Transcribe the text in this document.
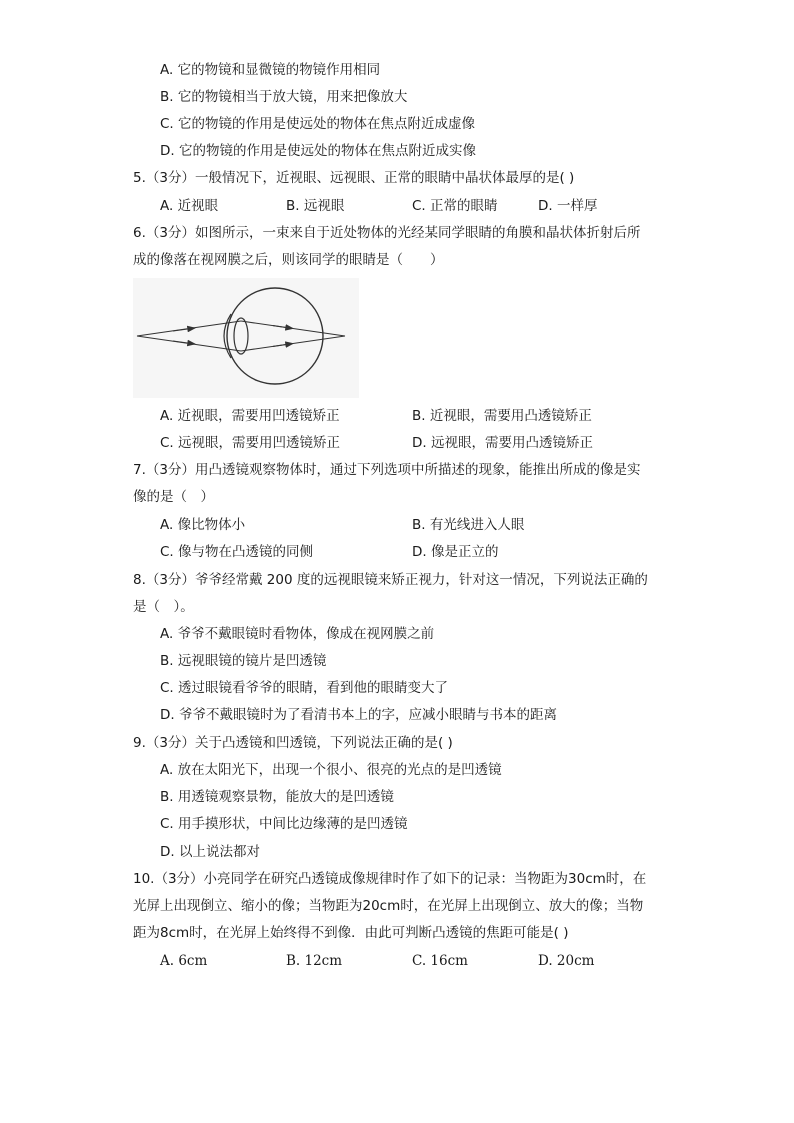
A. 它的物镜和显微镜的物镜作用相同
B. 它的物镜相当于放大镜，用来把像放大
C. 它的物镜的作用是使远处的物体在焦点附近成虚像
D. 它的物镜的作用是使远处的物体在焦点附近成实像
5.（3分）一般情况下，近视眼、远视眼、正常的眼睛中晶状体最厚的是( )
A. 近视眼	B. 远视眼	C. 正常的眼睛	D. 一样厚
6.（3分）如图所示，一束来自于近处物体的光经某同学眼睛的角膜和晶状体折射后所
成的像落在视网膜之后，则该同学的眼睛是（　　）
A. 近视眼，需要用凹透镜矫正	B. 近视眼，需要用凸透镜矫正
C. 远视眼，需要用凹透镜矫正	D. 远视眼，需要用凸透镜矫正
7.（3分）用凸透镜观察物体时，通过下列选项中所描述的现象，能推出所成的像是实
像的是（　）
A. 像比物体小	B. 有光线进入人眼
C. 像与物在凸透镜的同侧	D. 像是正立的
8.（3分）爷爷经常戴 200 度的远视眼镜来矫正视力，针对这一情况，下列说法正确的
是（　）。
A. 爷爷不戴眼镜时看物体，像成在视网膜之前
B. 远视眼镜的镜片是凹透镜
C. 透过眼镜看爷爷的眼睛，看到他的眼睛变大了
D. 爷爷不戴眼镜时为了看清书本上的字，应减小眼睛与书本的距离
9.（3分）关于凸透镜和凹透镜，下列说法正确的是( )
A. 放在太阳光下，出现一个很小、很亮的光点的是凹透镜
B. 用透镜观察景物，能放大的是凹透镜
C. 用手摸形状，中间比边缘薄的是凹透镜
D. 以上说法都对
10.（3分）小亮同学在研究凸透镜成像规律时作了如下的记录：当物距为30cm时，在
光屏上出现倒立、缩小的像；当物距为20cm时，在光屏上出现倒立、放大的像；当物
距为8cm时，在光屏上始终得不到像．由此可判断凸透镜的焦距可能是( )
A. 6cm	B. 12cm	C. 16cm	D. 20cm
